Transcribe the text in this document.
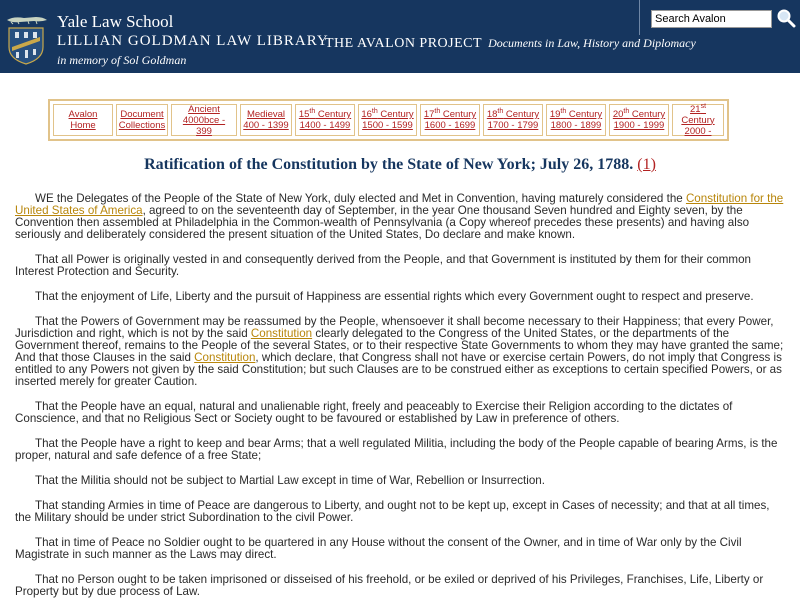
Yale Law School
LILLIAN GOLDMAN LAW LIBRARY
in memory of Sol Goldman
THE AVALON PROJECT Documents in Law, History and Diplomacy
Search Avalon
Avalon Home
Document
Collections
Ancient
4000bce - 399
Medieval
400 - 1399
15th Century
1400 - 1499
16th Century
1500 - 1599
17th Century
1600 - 1699
18th Century
1700 - 1799
19th Century
1800 - 1899
20th Century
1900 - 1999
21st Century
2000 -
Ratification of the Constitution by the State of New York; July 26, 1788. (1)

WE the Delegates of the People of the State of New York, duly elected and Met in Convention, having maturely considered the Constitution for the United States of America, agreed to on the seventeenth day of September, in the year One thousand Seven hundred and Eighty seven, by the Convention then assembled at Philadelphia in the Common-wealth of Pennsylvania (a Copy whereof precedes these presents) and having also seriously and deliberately considered the present situation of the United States, Do declare and make known.

That all Power is originally vested in and consequently derived from the People, and that Government is instituted by them for their common Interest Protection and Security.

That the enjoyment of Life, Liberty and the pursuit of Happiness are essential rights which every Government ought to respect and preserve.

That the Powers of Government may be reassumed by the People, whensoever it shall become necessary to their Happiness; that every Power, Jurisdiction and right, which is not by the said Constitution clearly delegated to the Congress of the United States, or the departments of the Government thereof, remains to the People of the several States, or to their respective State Governments to whom they may have granted the same; And that those Clauses in the said Constitution, which declare, that Congress shall not have or exercise certain Powers, do not imply that Congress is entitled to any Powers not given by the said Constitution; but such Clauses are to be construed either as exceptions to certain specified Powers, or as inserted merely for greater Caution.

That the People have an equal, natural and unalienable right, freely and peaceably to Exercise their Religion according to the dictates of Conscience, and that no Religious Sect or Society ought to be favoured or established by Law in preference of others.

That the People have a right to keep and bear Arms; that a well regulated Militia, including the body of the People capable of bearing Arms, is the proper, natural and safe defence of a free State;

That the Militia should not be subject to Martial Law except in time of War, Rebellion or Insurrection.

That standing Armies in time of Peace are dangerous to Liberty, and ought not to be kept up, except in Cases of necessity; and that at all times, the Military should be under strict Subordination to the civil Power.

That in time of Peace no Soldier ought to be quartered in any House without the consent of the Owner, and in time of War only by the Civil Magistrate in such manner as the Laws may direct.

That no Person ought to be taken imprisoned or disseised of his freehold, or be exiled or deprived of his Privileges, Franchises, Life, Liberty or Property but by due process of Law.
